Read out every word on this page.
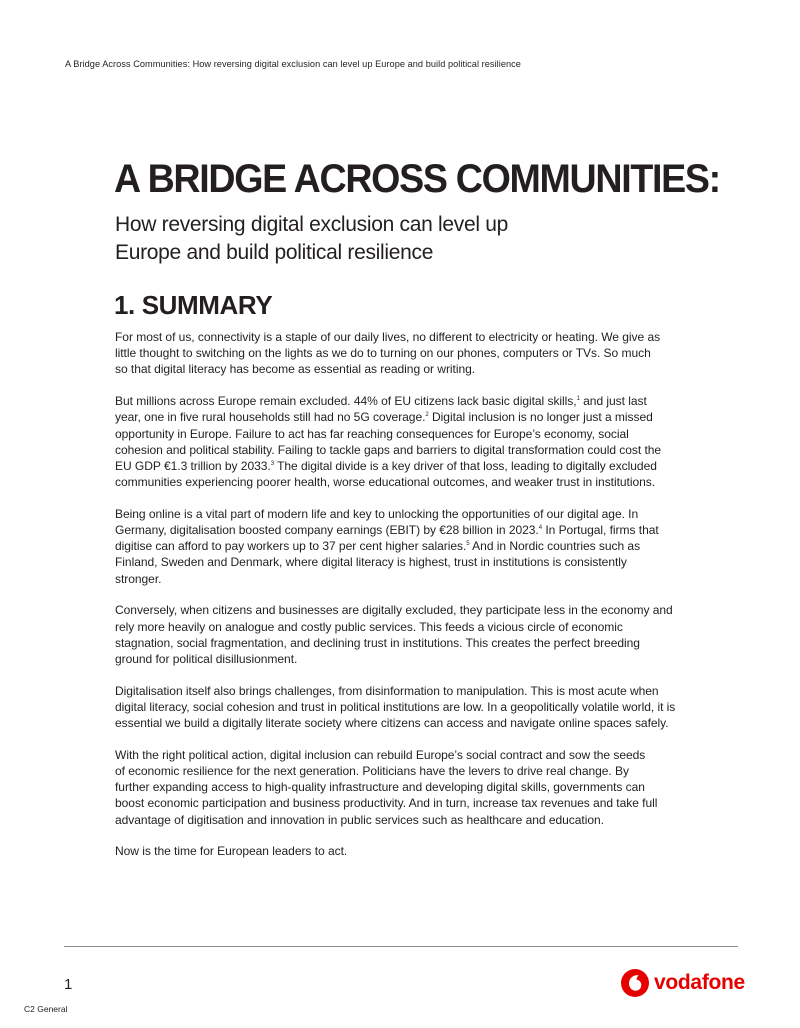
A Bridge Across Communities: How reversing digital exclusion can level up Europe and build political resilience
A BRIDGE ACROSS COMMUNITIES:
How reversing digital exclusion can level up
Europe and build political resilience
1. SUMMARY

For most of us, connectivity is a staple of our daily lives, no different to electricity or heating. We give as
little thought to switching on the lights as we do to turning on our phones, computers or TVs. So much
so that digital literacy has become as essential as reading or writing.

But millions across Europe remain excluded. 44% of EU citizens lack basic digital skills,$^1$ and just last
year, one in five rural households still had no 5G coverage.$^2$ Digital inclusion is no longer just a missed
opportunity in Europe. Failure to act has far reaching consequences for Europe’s economy, social
cohesion and political stability. Failing to tackle gaps and barriers to digital transformation could cost the
EU GDP €1.3 trillion by 2033.$^3$ The digital divide is a key driver of that loss, leading to digitally excluded
communities experiencing poorer health, worse educational outcomes, and weaker trust in institutions.

Being online is a vital part of modern life and key to unlocking the opportunities of our digital age. In
Germany, digitalisation boosted company earnings (EBIT) by €28 billion in 2023.$^4$ In Portugal, firms that
digitise can afford to pay workers up to 37 per cent higher salaries.$^5$ And in Nordic countries such as
Finland, Sweden and Denmark, where digital literacy is highest, trust in institutions is consistently
stronger.

Conversely, when citizens and businesses are digitally excluded, they participate less in the economy and
rely more heavily on analogue and costly public services. This feeds a vicious circle of economic
stagnation, social fragmentation, and declining trust in institutions. This creates the perfect breeding
ground for political disillusionment.

Digitalisation itself also brings challenges, from disinformation to manipulation. This is most acute when
digital literacy, social cohesion and trust in political institutions are low. In a geopolitically volatile world, it is
essential we build a digitally literate society where citizens can access and navigate online spaces safely.

With the right political action, digital inclusion can rebuild Europe’s social contract and sow the seeds
of economic resilience for the next generation. Politicians have the levers to drive real change. By
further expanding access to high-quality infrastructure and developing digital skills, governments can
boost economic participation and business productivity. And in turn, increase tax revenues and take full
advantage of digitisation and innovation in public services such as healthcare and education.

Now is the time for European leaders to act.

1
C2 General
vodafone
